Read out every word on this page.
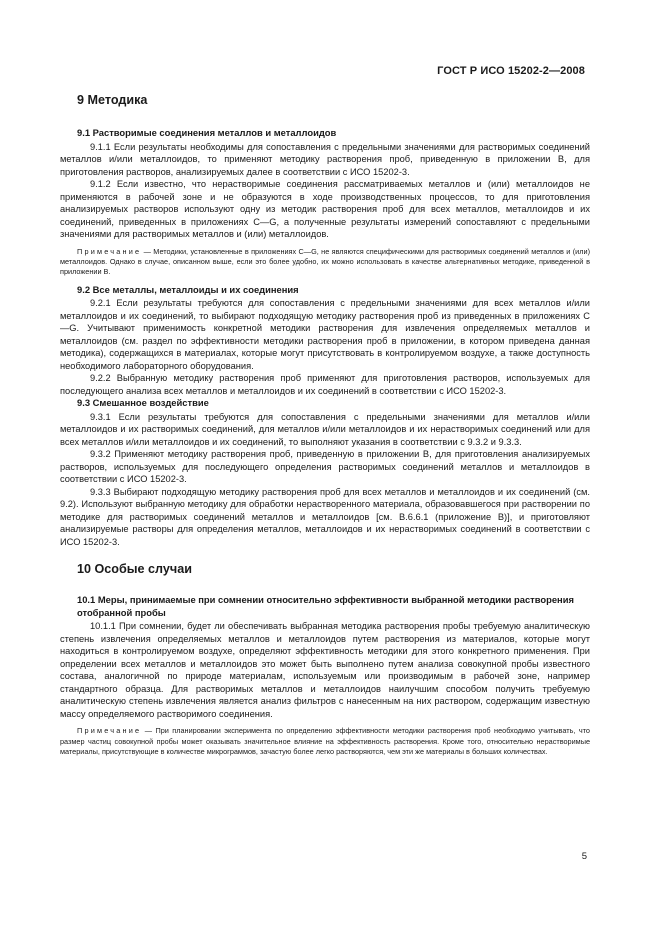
ГОСТ Р ИСО 15202-2—2008
9 Методика
9.1 Растворимые соединения металлов и металлоидов

9.1.1 Если результаты необходимы для сопоставления с предельными значениями для растворимых соединений металлов и/или металлоидов, то применяют методику растворения проб, приведенную в приложении B, для приготовления растворов, анализируемых далее в соответствии с ИСО 15202-3.

9.1.2 Если известно, что нерастворимые соединения рассматриваемых металлов и (или) металлоидов не применяются в рабочей зоне и не образуются в ходе производственных процессов, то для приготовления анализируемых растворов используют одну из методик растворения проб для всех металлов, металлоидов и их соединений, приведенных в приложениях C—G, а полученные результаты измерений сопоставляют с предельными значениями для растворимых металлов и (или) металлоидов.

Примечание — Методики, установленные в приложениях C—G, не являются специфическими для растворимых соединений металлов и (или) металлоидов. Однако в случае, описанном выше, если это более удобно, их можно использовать в качестве альтернативных методике, приведенной в приложении B.

9.2 Все металлы, металлоиды и их соединения

9.2.1 Если результаты требуются для сопоставления с предельными значениями для всех металлов и/или металлоидов и их соединений, то выбирают подходящую методику растворения проб из приведенных в приложениях C—G. Учитывают применимость конкретной методики растворения для извлечения определяемых металлов и металлоидов (см. раздел по эффективности методики растворения проб в приложении, в котором приведена данная методика), содержащихся в материалах, которые могут присутствовать в контролируемом воздухе, а также доступность необходимого лабораторного оборудования.

9.2.2 Выбранную методику растворения проб применяют для приготовления растворов, используемых для последующего анализа всех металлов и металлоидов и их соединений в соответствии с ИСО 15202-3.

9.3 Смешанное воздействие

9.3.1 Если результаты требуются для сопоставления с предельными значениями для металлов и/или металлоидов и их растворимых соединений, для металлов и/или металлоидов и их нерастворимых соединений или для всех металлов и/или металлоидов и их соединений, то выполняют указания в соответствии с 9.3.2 и 9.3.3.

9.3.2 Применяют методику растворения проб, приведенную в приложении B, для приготовления анализируемых растворов, используемых для последующего определения растворимых соединений металлов и металлоидов в соответствии с ИСО 15202-3.

9.3.3 Выбирают подходящую методику растворения проб для всех металлов и металлоидов и их соединений (см. 9.2). Используют выбранную методику для обработки нерастворенного материала, образовавшегося при растворении по методике для растворимых соединений металлов и металлоидов [см. B.6.6.1 (приложение B)], и приготовляют анализируемые растворы для определения металлов, металлоидов и их нерастворимых соединений в соответствии с ИСО 15202-3.

10 Особые случаи
10.1 Меры, принимаемые при сомнении относительно эффективности выбранной методики растворения отобранной пробы

10.1.1 При сомнении, будет ли обеспечивать выбранная методика растворения пробы требуемую аналитическую степень извлечения определяемых металлов и металлоидов путем растворения из материалов, которые могут находиться в контролируемом воздухе, определяют эффективность методики для этого конкретного применения. При определении всех металлов и металлоидов это может быть выполнено путем анализа совокупной пробы известного состава, аналогичной по природе материалам, используемым или производимым в рабочей зоне, например стандартного образца. Для растворимых металлов и металлоидов наилучшим способом получить требуемую аналитическую степень извлечения является анализ фильтров с нанесенным на них раствором, содержащим известную массу определяемого растворимого соединения.

Примечание — При планировании эксперимента по определению эффективности методики растворения проб необходимо учитывать, что размер частиц совокупной пробы может оказывать значительное влияние на эффективность растворения. Кроме того, относительно нерастворимые материалы, присутствующие в количестве микрограммов, зачастую более легко растворяются, чем эти же материалы в больших количествах.

5
